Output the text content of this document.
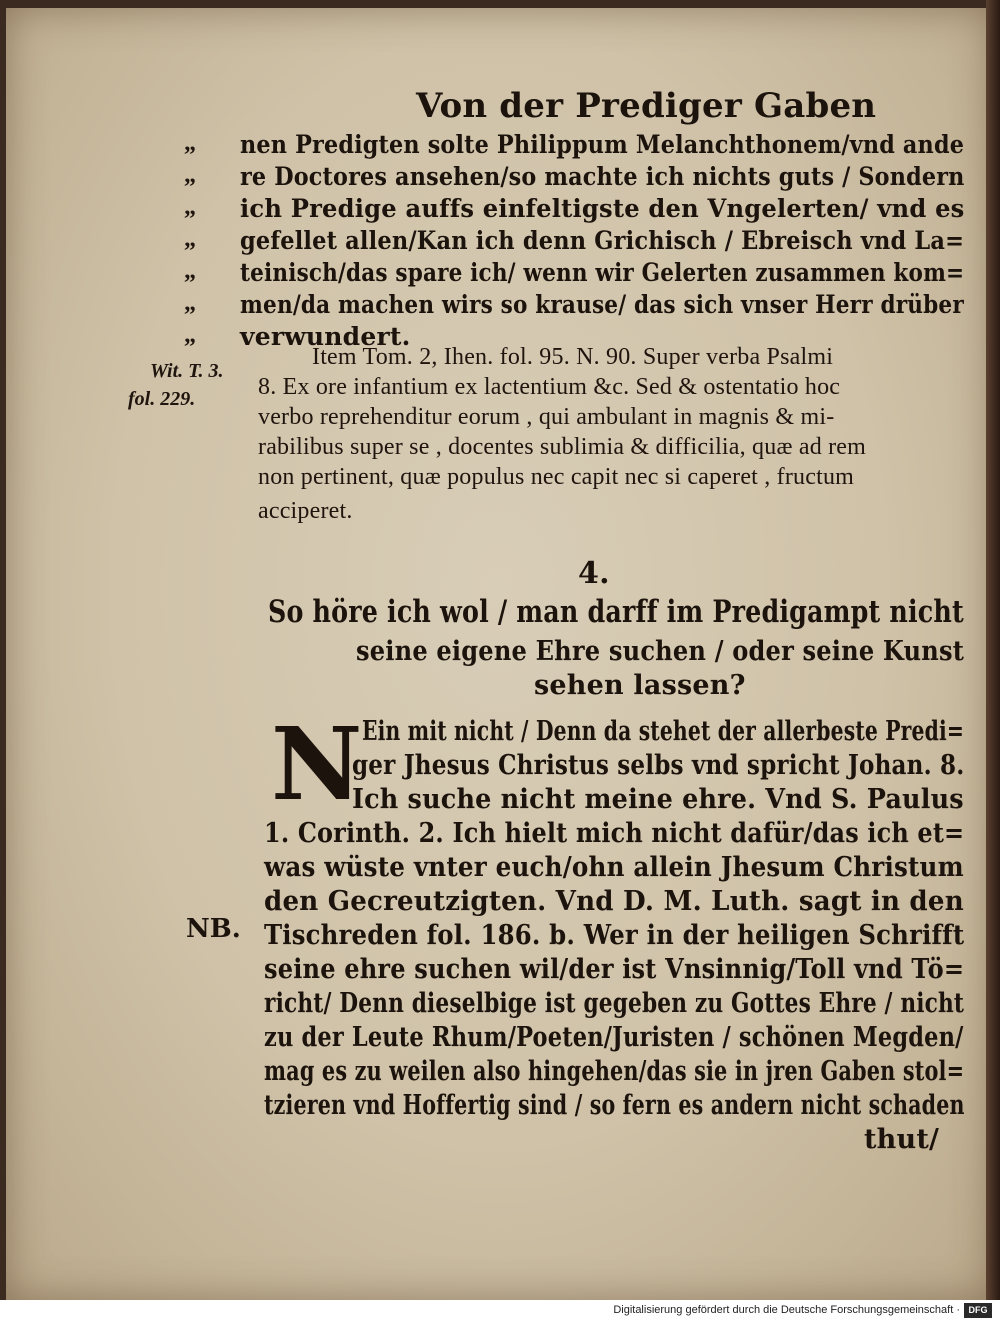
Von der Prediger Gaben
„
„
„
„
„
„
„
nen Predigten solte Philippum Melanchthonem/vnd ande
re Doctores ansehen/so machte ich nichts guts / Sondern
ich Predige auffs einfeltigste den Vngelerten/ vnd es
gefellet allen/Kan ich denn Grichisch / Ebreisch vnd La=
teinisch/das spare ich/ wenn wir Gelerten zusammen kom=
men/da machen wirs so krause/ das sich vnser Herr drüber
verwundert.
Wit. T. 3.
fol. 229.
Item Tom. 2, Ihen. fol. 95. N. 90. Super verba Psalmi
8. Ex ore infantium ex lactentium &c. Sed & ostentatio hoc
verbo reprehenditur eorum , qui ambulant in magnis & mi-
rabilibus super se , docentes sublimia & difficilia, quæ ad rem
non pertinent, quæ populus nec capit nec si caperet , fructum
acciperet.
4.
So höre ich wol / man darff im Predigampt nicht
seine eigene Ehre suchen / oder seine Kunst
sehen lassen?
N Ein mit nicht / Denn da stehet der allerbeste Predi=
ger Jhesus Christus selbs vnd spricht Johan. 8.
Ich suche nicht meine ehre. Vnd S. Paulus
1. Corinth. 2. Ich hielt mich nicht dafür/das ich et=
was wüste vnter euch/ohn allein Jhesum Christum
den Gecreutzigten. Vnd D. M. Luth. sagt in den
Tischreden fol. 186. b. Wer in der heiligen Schrifft
seine ehre suchen wil/der ist Vnsinnig/Toll vnd Tö=
richt/ Denn dieselbige ist gegeben zu Gottes Ehre / nicht
zu der Leute Rhum/Poeten/Juristen / schönen Megden/
mag es zu weilen also hingehen/das sie in jren Gaben stol=
tzieren vnd Hoffertig sind / so fern es andern nicht schaden
thut/
NB.
Digitalisierung gefördert durch die Deutsche Forschungsgemeinschaft · DFG
